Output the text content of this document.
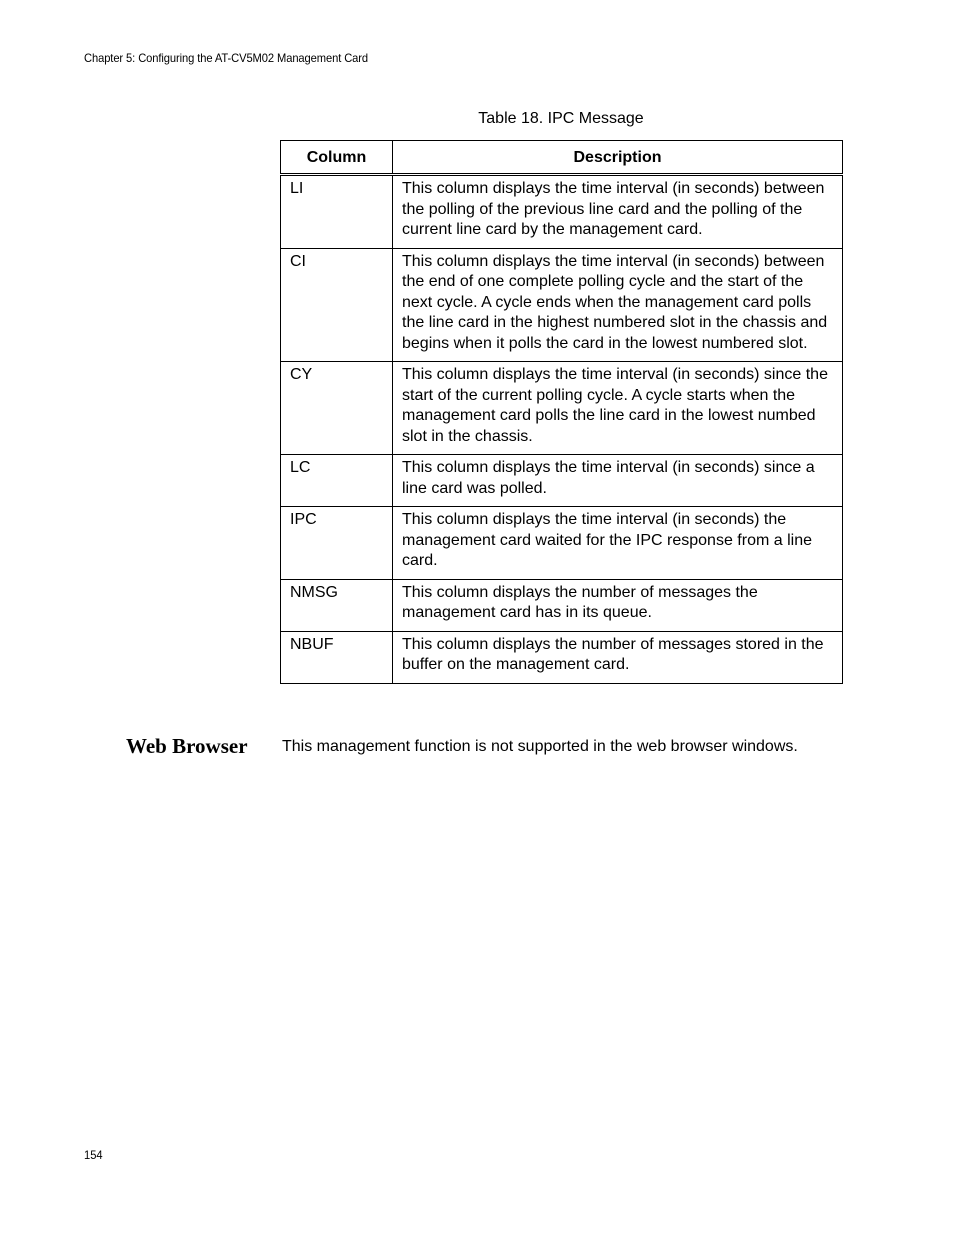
Chapter 5: Configuring the AT-CV5M02 Management Card
Table 18. IPC Message
Column	Description
LI	This column displays the time interval (in seconds) between the polling of the previous line card and the polling of the current line card by the management card.
CI	This column displays the time interval (in seconds) between the end of one complete polling cycle and the start of the next cycle. A cycle ends when the management card polls the line card in the highest numbered slot in the chassis and begins when it polls the card in the lowest numbered slot.
CY	This column displays the time interval (in seconds) since the start of the current polling cycle. A cycle starts when the management card polls the line card in the lowest numbed slot in the chassis.
LC	This column displays the time interval (in seconds) since a line card was polled.
IPC	This column displays the time interval (in seconds) the management card waited for the IPC response from a line card.
NMSG	This column displays the number of messages the management card has in its queue.
NBUF	This column displays the number of messages stored in the buffer on the management card.
Web Browser This management function is not supported in the web browser windows.
154
